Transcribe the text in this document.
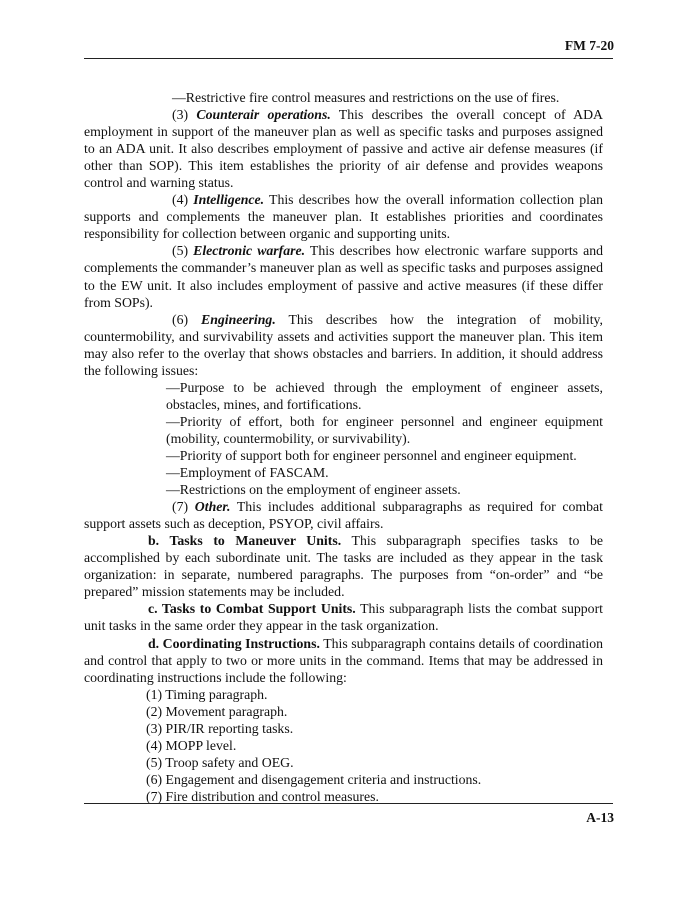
FM 7-20

—Restrictive fire control measures and restrictions on the use of fires.

(3) Counterair operations. This describes the overall concept of ADA employment in support of the maneuver plan as well as specific tasks and purposes assigned to an ADA unit. It also describes employment of passive and active air defense measures (if other than SOP). This item establishes the priority of air defense and provides weapons control and warning status.

(4) Intelligence. This describes how the overall information collection plan supports and complements the maneuver plan. It establishes priorities and coordinates responsibility for collection between organic and supporting units.

(5) Electronic warfare. This describes how electronic warfare supports and complements the commander’s maneuver plan as well as specific tasks and purposes assigned to the EW unit. It also includes employment of passive and active measures (if these differ from SOPs).

(6) Engineering. This describes how the integration of mobility, countermobility, and survivability assets and activities support the maneuver plan. This item may also refer to the overlay that shows obstacles and barriers. In addition, it should address the following issues:

—Purpose to be achieved through the employment of engineer assets, obstacles, mines, and fortifications.
—Priority of effort, both for engineer personnel and engineer equipment (mobility, countermobility, or survivability).
—Priority of support both for engineer personnel and engineer equipment.
—Employment of FASCAM.
—Restrictions on the employment of engineer assets.

(7) Other. This includes additional subparagraphs as required for combat support assets such as deception, PSYOP, civil affairs.

b. Tasks to Maneuver Units. This subparagraph specifies tasks to be accomplished by each subordinate unit. The tasks are included as they appear in the task organization: in separate, numbered paragraphs. The purposes from “on-order” and “be prepared” mission statements may be included.

c. Tasks to Combat Support Units. This subparagraph lists the combat support unit tasks in the same order they appear in the task organization.

d. Coordinating Instructions. This subparagraph contains details of coordination and control that apply to two or more units in the command. Items that may be addressed in coordinating instructions include the following:

(1) Timing paragraph.
(2) Movement paragraph.
(3) PIR/IR reporting tasks.
(4) MOPP level.
(5) Troop safety and OEG.
(6) Engagement and disengagement criteria and instructions.
(7) Fire distribution and control measures.
A-13
